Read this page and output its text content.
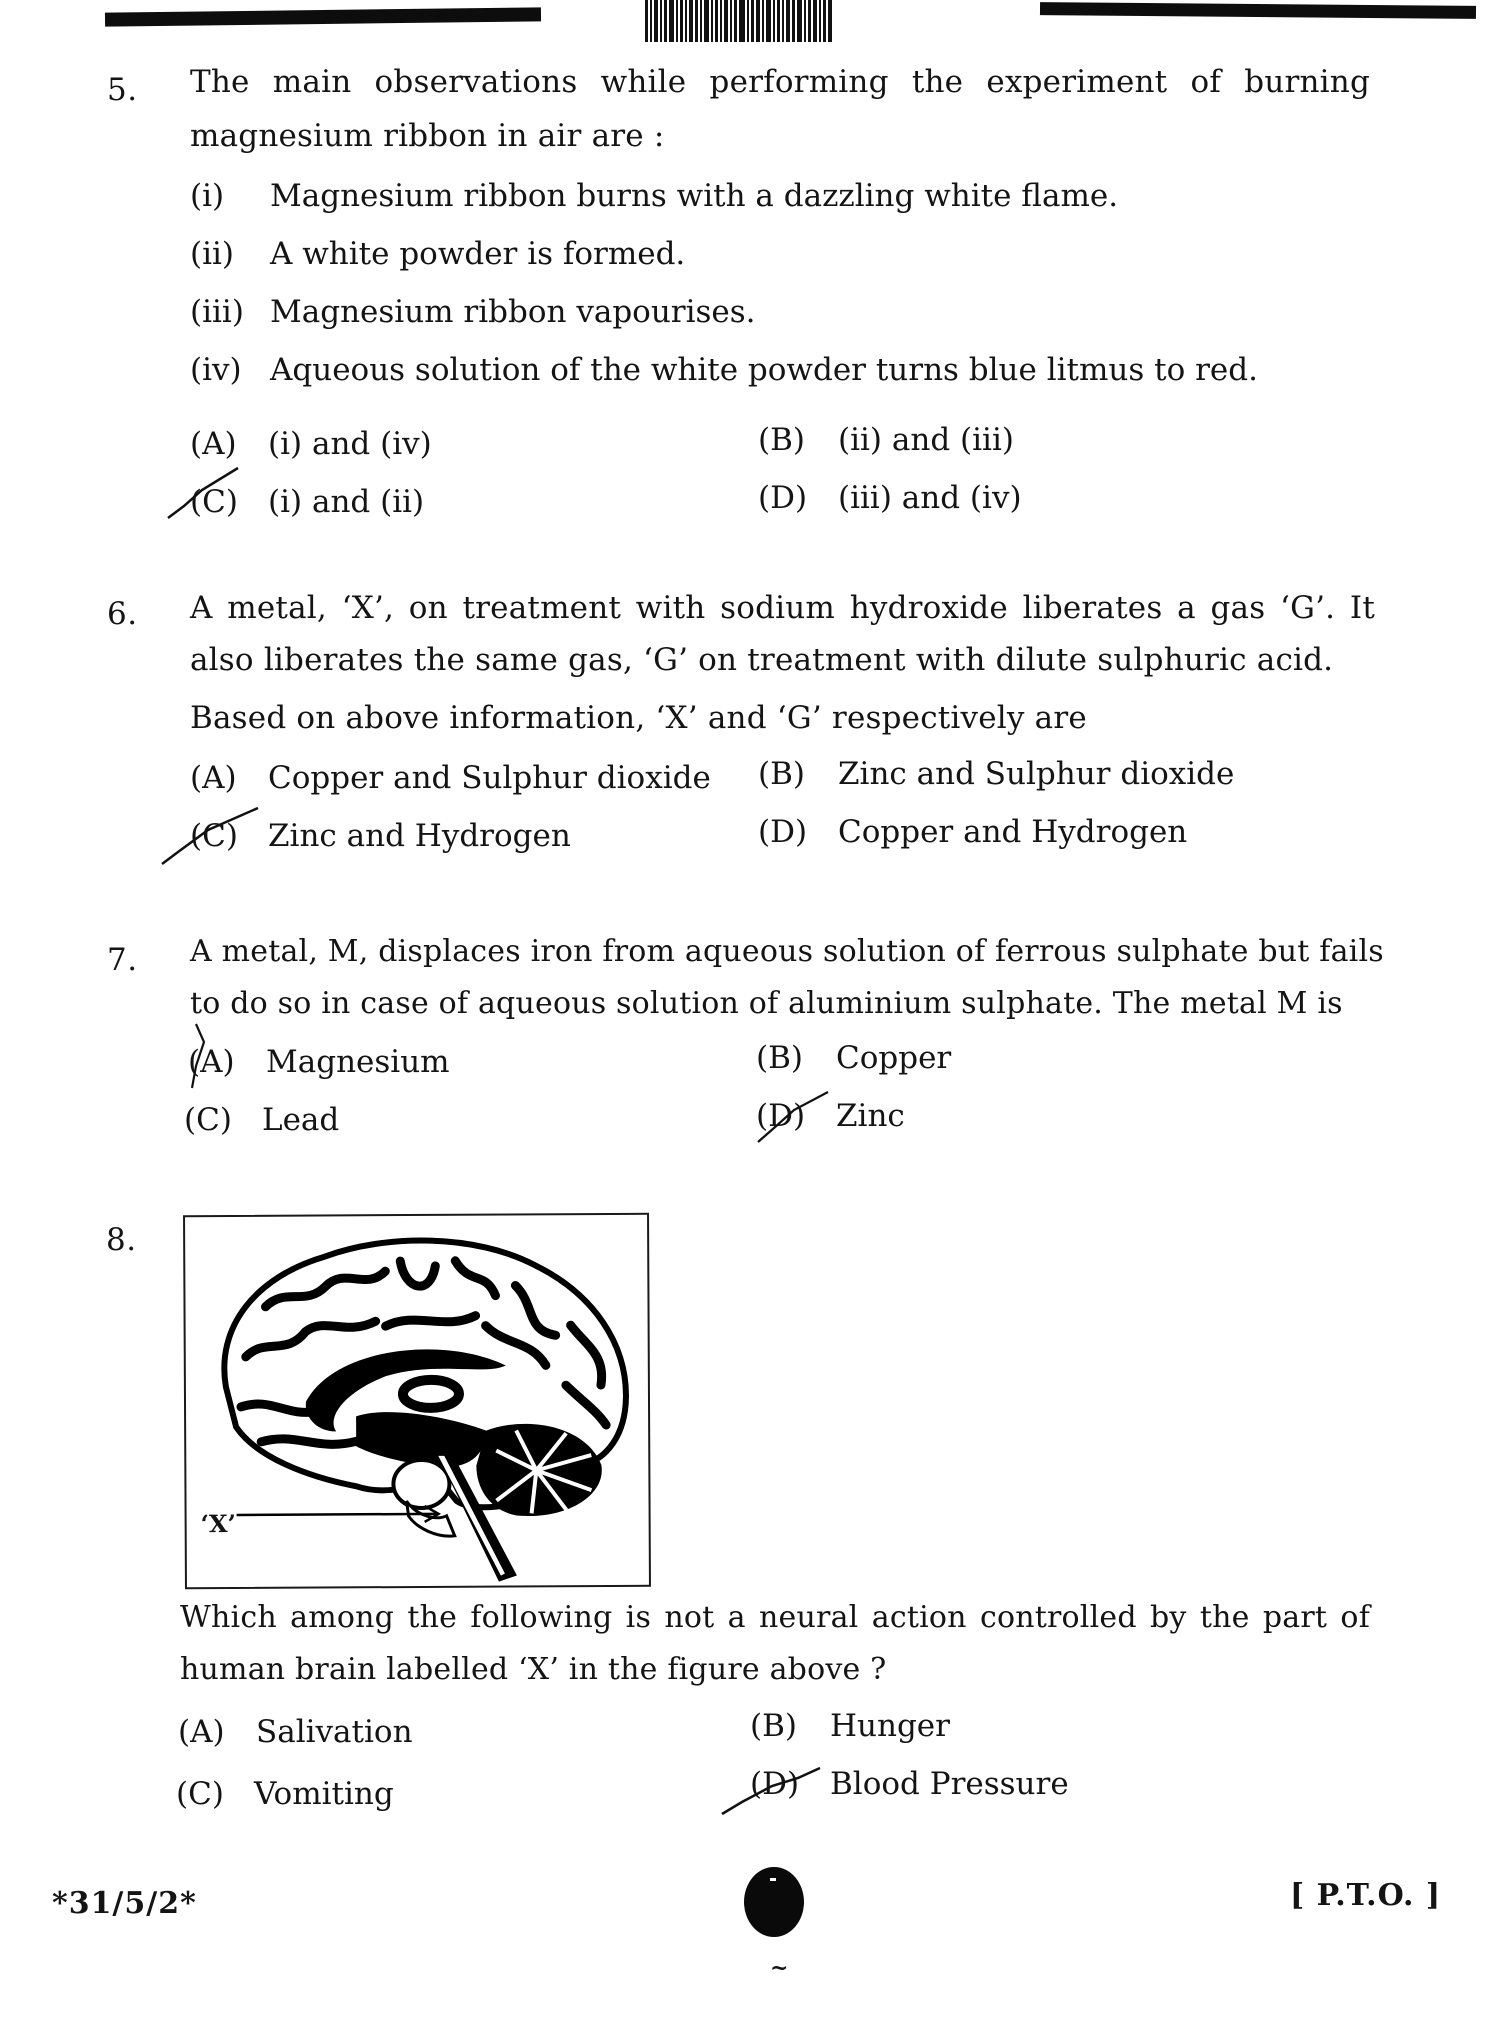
5. The main observations while performing the experiment of burning
magnesium ribbon in air are :
(i) Magnesium ribbon burns with a dazzling white flame.
(ii) A white powder is formed.
(iii) Magnesium ribbon vapourises.
(iv) Aqueous solution of the white powder turns blue litmus to red.
(A) (i) and (iv)	(B) (ii) and (iii)
(C) (i) and (ii)	(D) (iii) and (iv)
6. A metal, ‘X’, on treatment with sodium hydroxide liberates a gas ‘G’. It
also liberates the same gas, ‘G’ on treatment with dilute sulphuric acid.
Based on above information, ‘X’ and ‘G’ respectively are
(A) Copper and Sulphur dioxide (B) Zinc and Sulphur dioxide
(C) Zinc and Hydrogen	(D) Copper and Hydrogen
7. A metal, M, displaces iron from aqueous solution of ferrous sulphate but fails
to do so in case of aqueous solution of aluminium sulphate. The metal M is
(A) Magnesium	(B) Copper
(C) Lead	(D) Zinc
8.
‘X’
Which among the following is not a neural action controlled by the part of
human brain labelled ‘X’ in the figure above ?
(A) Salivation	(B) Hunger
(C) Vomiting	(D) Blood Pressure
*31/5/2*
~
[ P.T.O. ]
